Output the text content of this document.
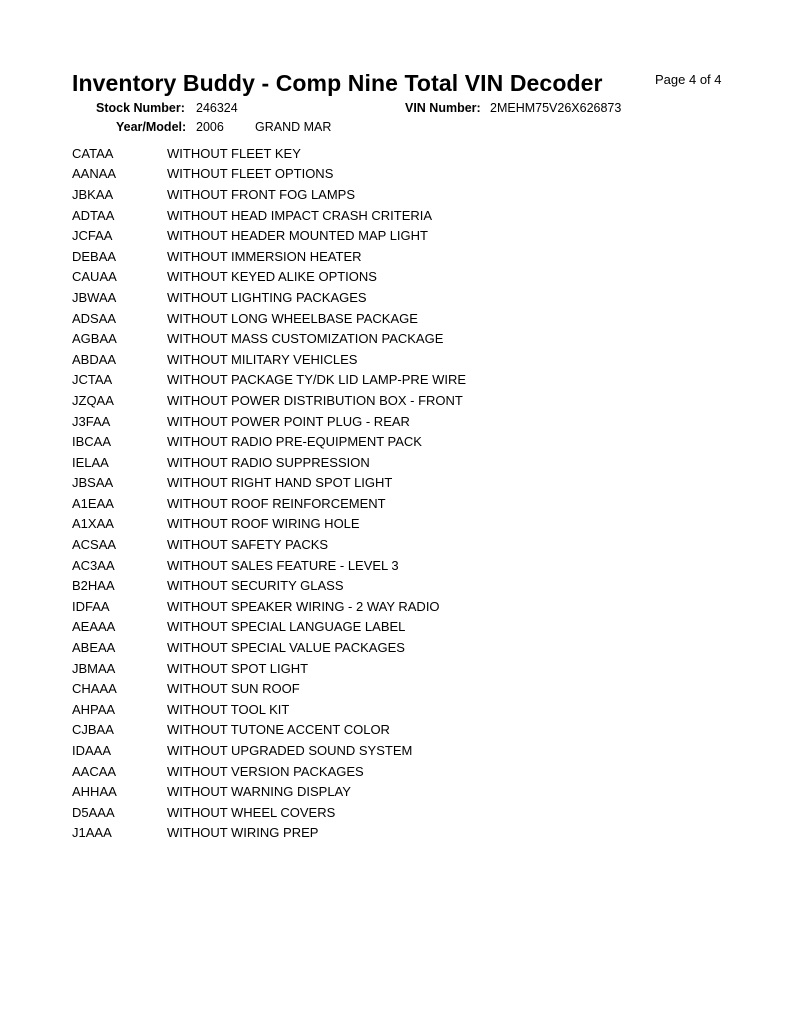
Inventory Buddy - Comp Nine Total VIN Decoder	Page 4 of 4
Stock Number: 246324	VIN Number: 2MEHM75V26X626873
Year/Model: 2006 GRAND MAR
CATAA	WITHOUT FLEET KEY
AANAA	WITHOUT FLEET OPTIONS
JBKAA	WITHOUT FRONT FOG LAMPS
ADTAA	WITHOUT HEAD IMPACT CRASH CRITERIA
JCFAA	WITHOUT HEADER MOUNTED MAP LIGHT
DEBAA	WITHOUT IMMERSION HEATER
CAUAA	WITHOUT KEYED ALIKE OPTIONS
JBWAA	WITHOUT LIGHTING PACKAGES
ADSAA	WITHOUT LONG WHEELBASE PACKAGE
AGBAA	WITHOUT MASS CUSTOMIZATION PACKAGE
ABDAA	WITHOUT MILITARY VEHICLES
JCTAA	WITHOUT PACKAGE TY/DK LID LAMP-PRE WIRE
JZQAA	WITHOUT POWER DISTRIBUTION BOX - FRONT
J3FAA	WITHOUT POWER POINT PLUG - REAR
IBCAA	WITHOUT RADIO PRE-EQUIPMENT PACK
IELAA	WITHOUT RADIO SUPPRESSION
JBSAA	WITHOUT RIGHT HAND SPOT LIGHT
A1EAA	WITHOUT ROOF REINFORCEMENT
A1XAA	WITHOUT ROOF WIRING HOLE
ACSAA	WITHOUT SAFETY PACKS
AC3AA	WITHOUT SALES FEATURE - LEVEL 3
B2HAA	WITHOUT SECURITY GLASS
IDFAA	WITHOUT SPEAKER WIRING - 2 WAY RADIO
AEAAA	WITHOUT SPECIAL LANGUAGE LABEL
ABEAA	WITHOUT SPECIAL VALUE PACKAGES
JBMAA	WITHOUT SPOT LIGHT
CHAAA	WITHOUT SUN ROOF
AHPAA	WITHOUT TOOL KIT
CJBAA	WITHOUT TUTONE ACCENT COLOR
IDAAA	WITHOUT UPGRADED SOUND SYSTEM
AACAA	WITHOUT VERSION PACKAGES
AHHAA	WITHOUT WARNING DISPLAY
D5AAA	WITHOUT WHEEL COVERS
J1AAA	WITHOUT WIRING PREP
